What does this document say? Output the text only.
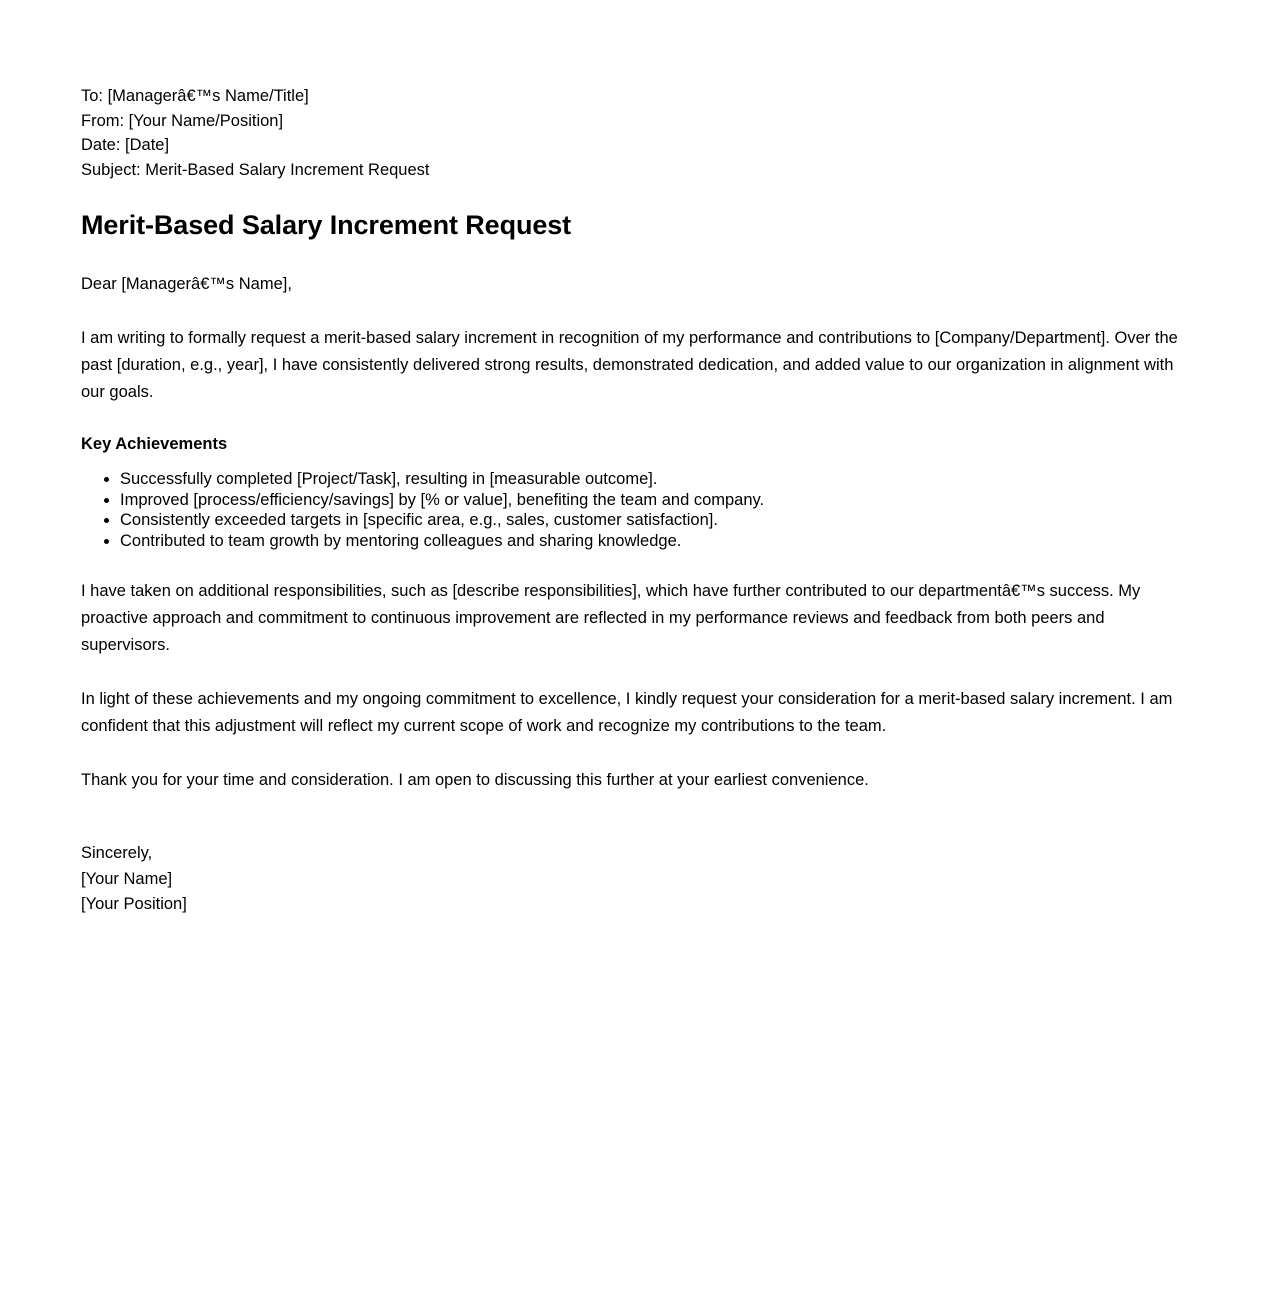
To: [Managerâ€™s Name/Title]
From: [Your Name/Position]
Date: [Date]
Subject: Merit-Based Salary Increment Request
Merit-Based Salary Increment Request

Dear [Managerâ€™s Name],

I am writing to formally request a merit-based salary increment in recognition of my performance and contributions to [Company/Department]. Over the past [duration, e.g., year], I have consistently delivered strong results, demonstrated dedication, and added value to our organization in alignment with our goals.

Key Achievements
• Successfully completed [Project/Task], resulting in [measurable outcome].
• Improved [process/efficiency/savings] by [% or value], benefiting the team and company.
• Consistently exceeded targets in [specific area, e.g., sales, customer satisfaction].
• Contributed to team growth by mentoring colleagues and sharing knowledge.

I have taken on additional responsibilities, such as [describe responsibilities], which have further contributed to our departmentâ€™s success. My proactive approach and commitment to continuous improvement are reflected in my performance reviews and feedback from both peers and supervisors.

In light of these achievements and my ongoing commitment to excellence, I kindly request your consideration for a merit-based salary increment. I am confident that this adjustment will reflect my current scope of work and recognize my contributions to the team.

Thank you for your time and consideration. I am open to discussing this further at your earliest convenience.

Sincerely,
[Your Name]
[Your Position]
